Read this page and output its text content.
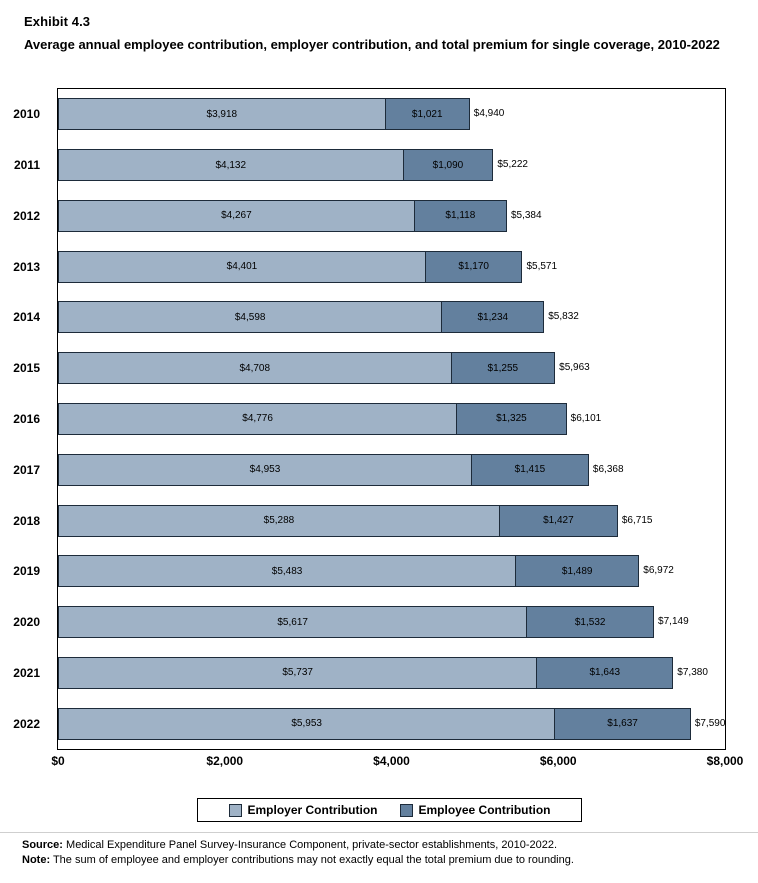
Exhibit 4.3
Average annual employee contribution, employer contribution, and total premium for single coverage, 2010-2022
2010	$3,918	$1,021	$4,940
2011	$4,132	$1,090	$5,222
2012	$4,267	$1,118	$5,384
2013	$4,401	$1,170	$5,571
2014	$4,598	$1,234	$5,832
2015	$4,708	$1,255	$5,963
2016	$4,776	$1,325	$6,101
2017	$4,953	$1,415	$6,368
2018	$5,288	$1,427	$6,715
2019	$5,483	$1,489	$6,972
2020	$5,617	$1,532	$7,149
2021	$5,737	$1,643	$7,380
2022	$5,953	$1,637	$7,590
$0	$2,000	$4,000	$6,000	$8,000
Employer Contribution	Employee Contribution
Source: Medical Expenditure Panel Survey-Insurance Component, private-sector establishments, 2010-2022.
Note: The sum of employee and employer contributions may not exactly equal the total premium due to rounding.
